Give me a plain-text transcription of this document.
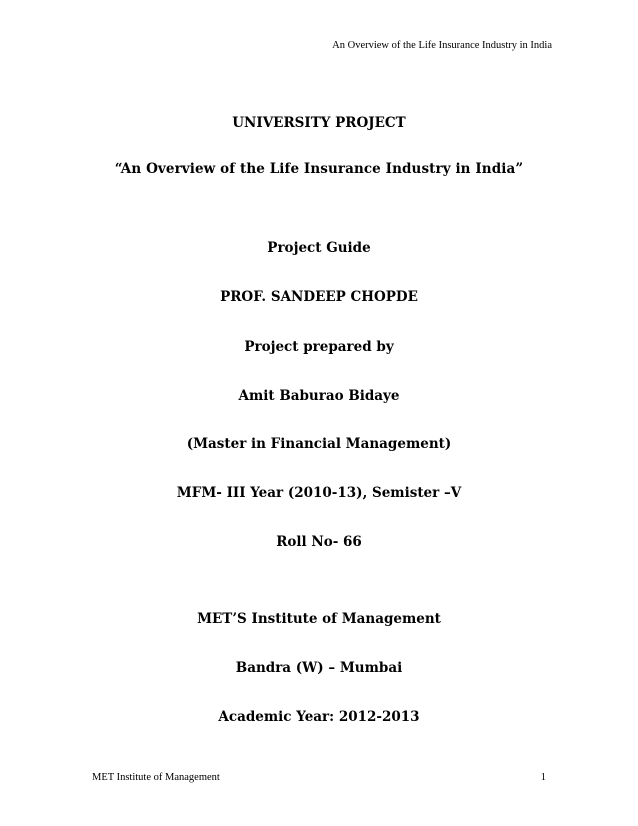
An Overview of the Life Insurance Industry in India
UNIVERSITY PROJECT
“An Overview of the Life Insurance Industry in India”
Project Guide
PROF. SANDEEP CHOPDE
Project prepared by
Amit Baburao Bidaye
(Master in Financial Management)
MFM- III Year (2010-13), Semister –V
Roll No- 66
MET’S Institute of Management
Bandra (W) – Mumbai
Academic Year: 2012-2013
MET Institute of Management	1
